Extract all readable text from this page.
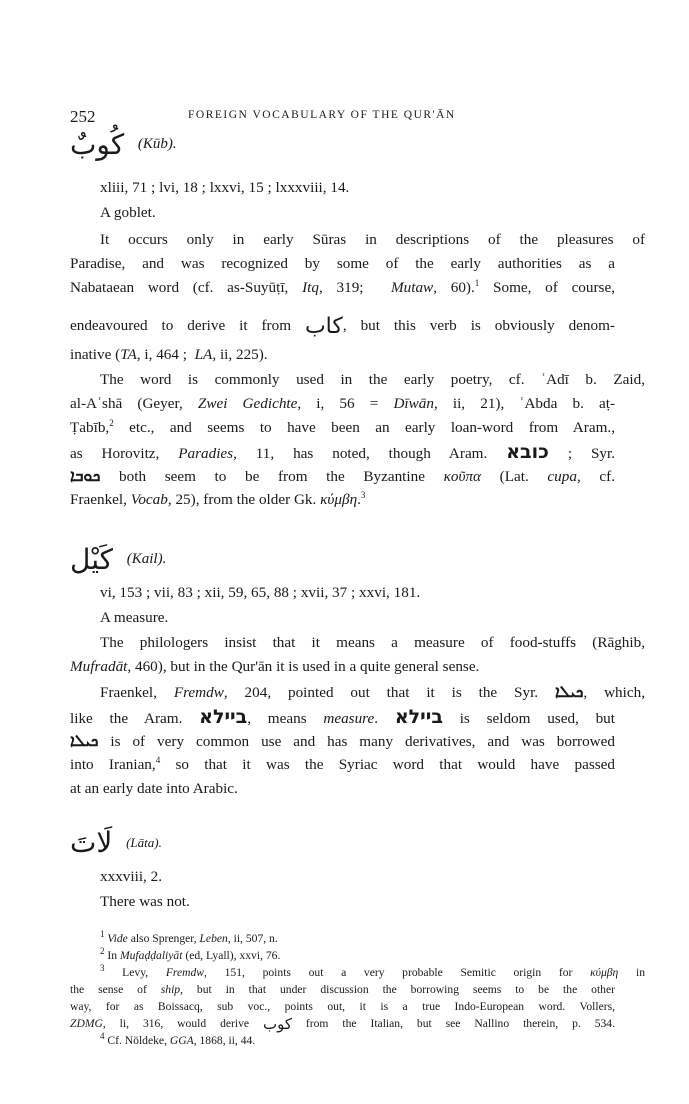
252	FOREIGN VOCABULARY OF THE QUR'ĀN
كُوبٌ (Kūb).
xliii, 71 ; lvi, 18 ; lxxvi, 15 ; lxxxviii, 14.
A goblet.
It occurs only in early Sūras in descriptions of the pleasures of
Paradise, and was recognized by some of the early authorities as a
Nabataean word (cf. as-Suyūṭī, Itq, 319;  Mutaw, 60).$^1$ Some, of course,
endeavoured to derive it from كاب, but this verb is obviously denom-
inative (TA, i, 464 ;  LA, ii, 225).
The word is commonly used in the early poetry, cf. ʿAdī b. Zaid,
al-Aʿshā (Geyer, Zwei Gedichte, i, 56 = Dīwān, ii, 21), ʿAbda b. aṭ-
Ṭabīb,$^2$ etc., and seems to have been an early loan-word from Aram.,
as Horovitz, Paradies, 11, has noted, though Aram. כובא ; Syr.
ܟܘܒܐ both seem to be from the Byzantine κοῦπα (Lat. cupa, cf.
Fraenkel, Vocab, 25), from the older Gk. κύμβη.$^3$
كَيْل (Kail).
vi, 153 ; vii, 83 ; xii, 59, 65, 88 ; xvii, 37 ; xxvi, 181.
A measure.
The philologers insist that it means a measure of food-stuffs (Rāghib,
Mufradāt, 460), but in the Qur'ān it is used in a quite general sense.
Fraenkel, Fremdw, 204, pointed out that it is the Syr. ܟܝܠܐ, which,
like the Aram. ביילא, means measure. ביילא is seldom used, but
ܟܝܠܐ is of very common use and has many derivatives, and was borrowed
into Iranian,$^4$ so that it was the Syriac word that would have passed
at an early date into Arabic.
لَاتَ (Lāta).
xxxviii, 2.
There was not.
$^1$ Vide also Sprenger, Leben, ii, 507, n.
$^2$ In Mufaḍḍaliyāt (ed, Lyall), xxvi, 76.
$^3$ Levy, Fremdw, 151, points out a very probable Semitic origin for κύμβη in
the sense of ship, but in that under discussion the borrowing seems to be the other
way, for as Boissacq, sub voc., points out, it is a true Indo-European word. Vollers,
ZDMG, li, 316, would derive كوب from the Italian, but see Nallino therein, p. 534.
$^4$ Cf. Nöldeke, GGA, 1868, ii, 44.
